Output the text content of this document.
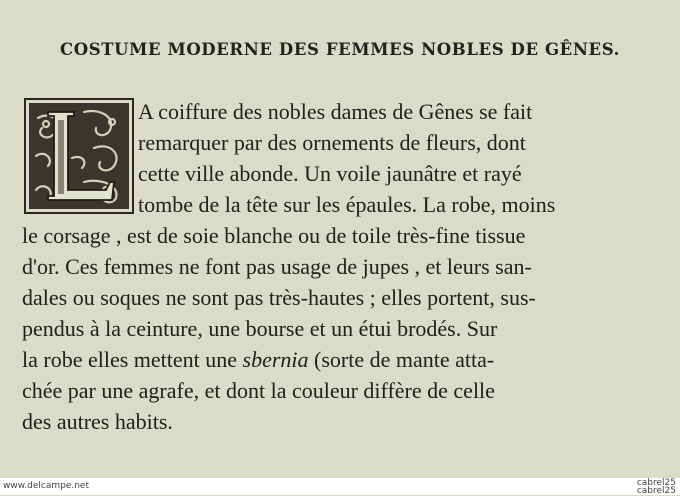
COSTUME MODERNE DES FEMMES NOBLES DE GÊNES.
A coiffure des nobles dames de Gênes se fait
remarquer par des ornements de fleurs, dont
cette ville abonde. Un voile jaunâtre et rayé
tombe de la tête sur les épaules. La robe, moins
le corsage , est de soie blanche ou de toile très-fine tissue
d'or. Ces femmes ne font pas usage de jupes , et leurs san-
dales ou soques ne sont pas très-hautes ; elles portent, sus-
pendus à la ceinture, une bourse et un étui brodés. Sur
la robe elles mettent une sbernia (sorte de mante atta-
chée par une agrafe, et dont la couleur diffère de celle
des autres habits.
www.delcampe.net	cabrel25
cabrel25
